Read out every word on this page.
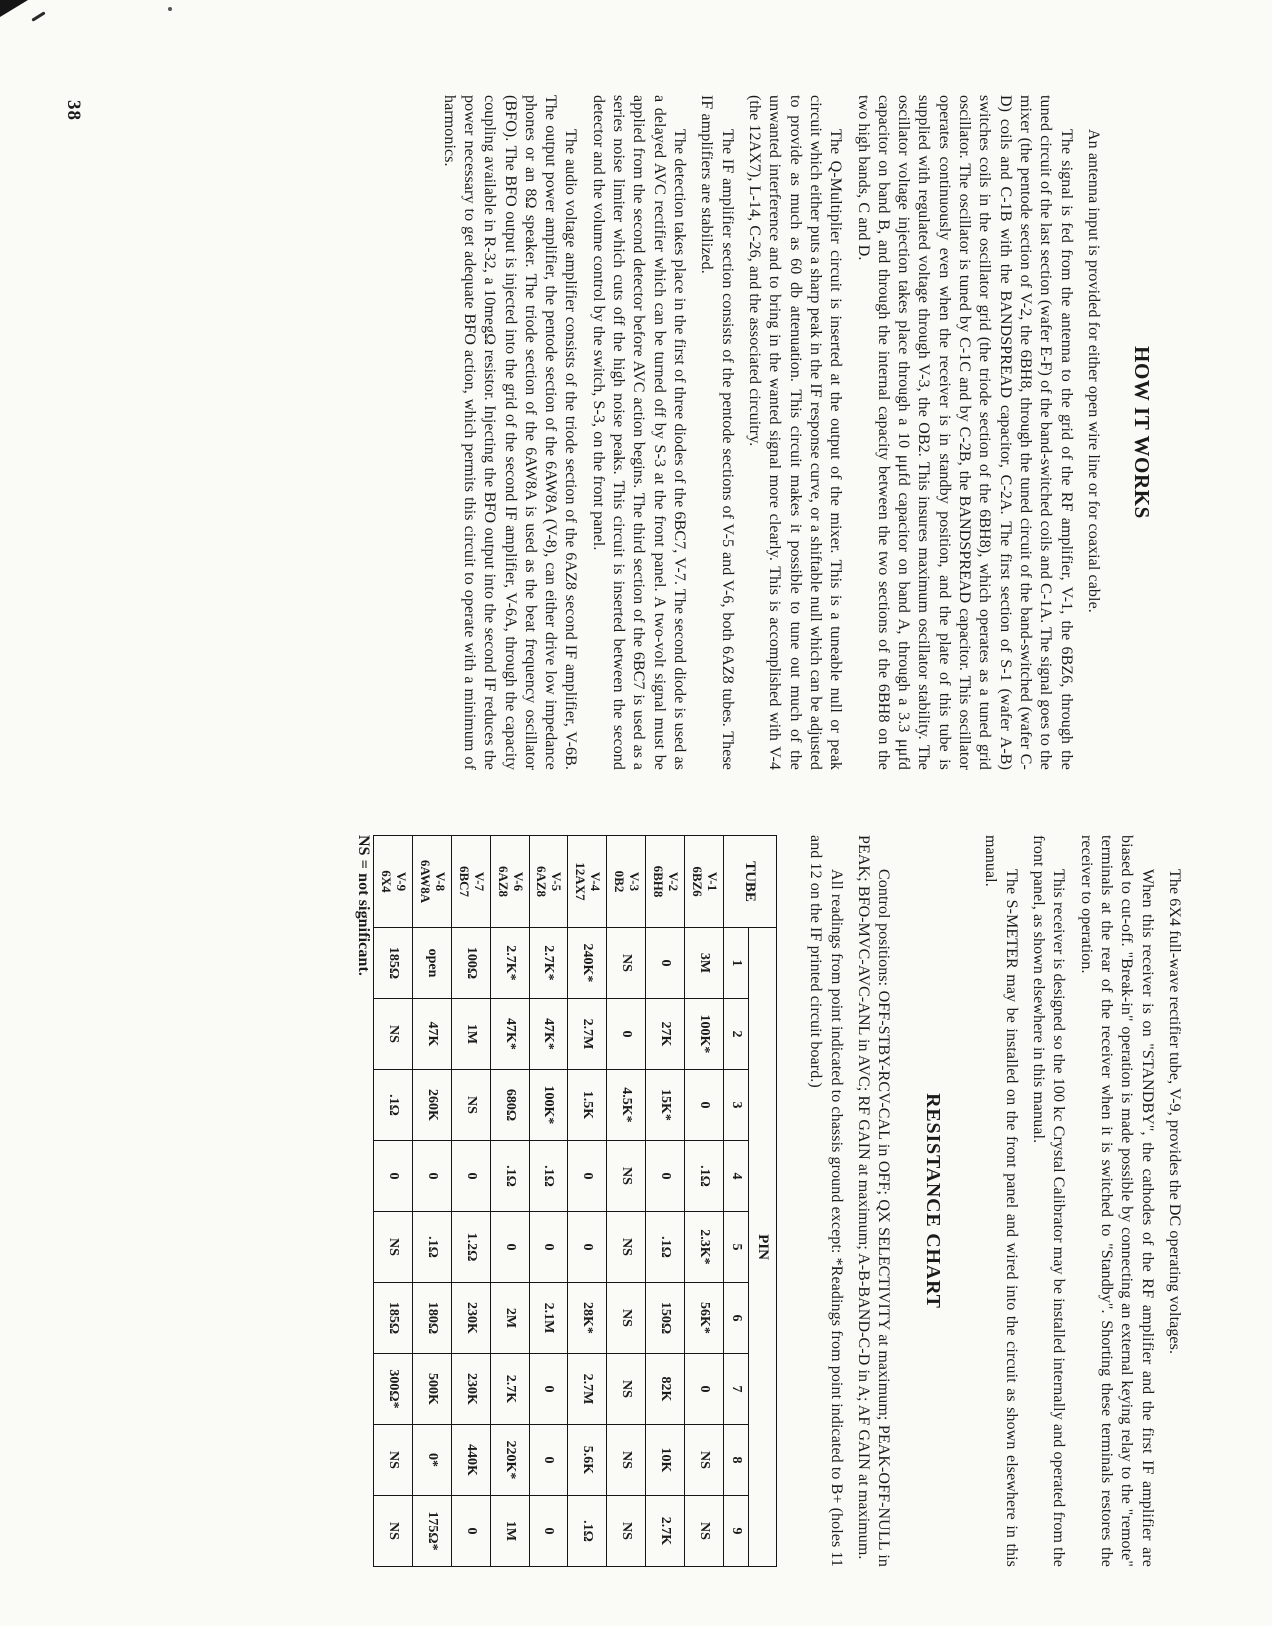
38
HOW IT WORKS

An antenna input is provided for either open wire line or for coaxial cable.

The signal is fed from the antenna to the grid of the RF amplifier, V-1, the 6BZ6, through the tuned circuit of the last section (wafer E-F) of the band-switched coils and C-1A. The signal goes to the mixer (the pentode section of V-2, the 6BH8, through the tuned circuit of the band-switched (wafer C-D) coils and C-1B with the BANDSPREAD capacitor, C-2A. The first section of S-1 (wafer A-B) switches coils in the oscillator grid (the triode section of the 6BH8), which operates as a tuned grid oscillator. The oscillator is tuned by C-1C and by C-2B, the BANDSPREAD capacitor. This oscillator operates continuously even when the receiver is in standby position, and the plate of this tube is supplied with regulated voltage through V-3, the OB2. This insures maximum oscillator stability. The oscillator voltage injection takes place through a 10 μμfd capacitor on band A, through a 3.3 μμfd capacitor on band B, and through the internal capacity between the two sections of the 6BH8 on the two high bands, C and D.

The Q-Multiplier circuit is inserted at the output of the mixer. This is a tuneable null or peak circuit which either puts a sharp peak in the IF response curve, or a shiftable null which can be adjusted to provide as much as 60 db attenuation. This circuit makes it possible to tune out much of the unwanted interference and to bring in the wanted signal more clearly. This is accomplished with V-4 (the 12AX7), L-14, C-26, and the associated circuitry.

The IF amplifier section consists of the pentode sections of V-5 and V-6, both 6AZ8 tubes. These IF amplifiers are stabilized.

The detection takes place in the first of three diodes of the 6BC7, V-7. The second diode is used as a delayed AVC rectifier which can be turned off by S-3 at the front panel. A two-volt signal must be applied from the second detector before AVC action begins. The third section of the 6BC7 is used as a series noise limiter which cuts off the high noise peaks. This circuit is inserted between the second detector and the volume control by the switch, S-3, on the front panel.

The audio voltage amplifier consists of the triode section of the 6AZ8 second IF amplifier, V-6B. The output power amplifier, the pentode section of the 6AW8A (V-8), can either drive low impedance phones or an 8Ω speaker. The triode section of the 6AW8A is used as the beat frequency oscillator (BFO). The BFO output is injected into the grid of the second IF amplifier, V-6A, through the capacity coupling available in R-32, a 10megΩ resistor. Injecting the BFO output into the second IF reduces the power necessary to get adequate BFO action, which permits this circuit to operate with a minimum of harmonics.

The 6X4 full-wave rectifier tube, V-9, provides the DC operating voltages.

When this receiver is on "STANDBY", the cathodes of the RF amplifier and the first IF amplifier are biased to cut-off. "Break-in" operation is made possible by connecting an external keying relay to the "remote" terminals at the rear of the receiver when it is switched to "Standby". Shorting these terminals restores the receiver to operation.

This receiver is designed so the 100 kc Crystal Calibrator may be installed internally and operated from the front panel, as shown elsewhere in this manual.

The S-METER may be installed on the front panel and wired into the circuit as shown elsewhere in this manual.

RESISTANCE CHART

Control positions: OFF-STBY-RCV-CAL in OFF; QX SELECTIVITY at maximum; PEAK-OFF-NULL in PEAK; BFO-MVC-AVC-ANL in AVC; RF GAIN at maximum; A-B-BAND-C-D in A; AF GAIN at maximum.

All readings from point indicated to chassis ground except: *Readings from point indicated to B+ (holes 11 and 12 on the IF printed circuit board.)

TUBE	PIN								
	1	2	3	4	5	6	7	8	9

V-1
6BZ6	3M	100K*	0	.1Ω	2.3K*	56K*	0	NS	NS

V-2
6BH8	0	27K	15K*	0	.1Ω	150Ω	82K	10K	2.7K

V-3
0B2	NS	0	4.5K*	NS	NS	NS	NS	NS	NS

V-4
12AX7	240K*	2.7M	1.5K	0	0	28K*	2.7M	5.6K	.1Ω

V-5
6AZ8	2.7K*	47K*	100K*	.1Ω	0	2.1M	0	0	0

V-6
6AZ8	2.7K*	47K*	680Ω	.1Ω	0	2M	2.7K	220K*	1M

V-7
6BC7	100Ω	1M	NS	0	1.2Ω	230K	230K	440K	0

V-8
6AW8A	open	47K	260K	0	.1Ω	180Ω	500K	0*	175Ω*

V-9
6X4	185Ω	NS	.1Ω	0	NS	185Ω	300Ω*	NS	NS

NS = not significant.
